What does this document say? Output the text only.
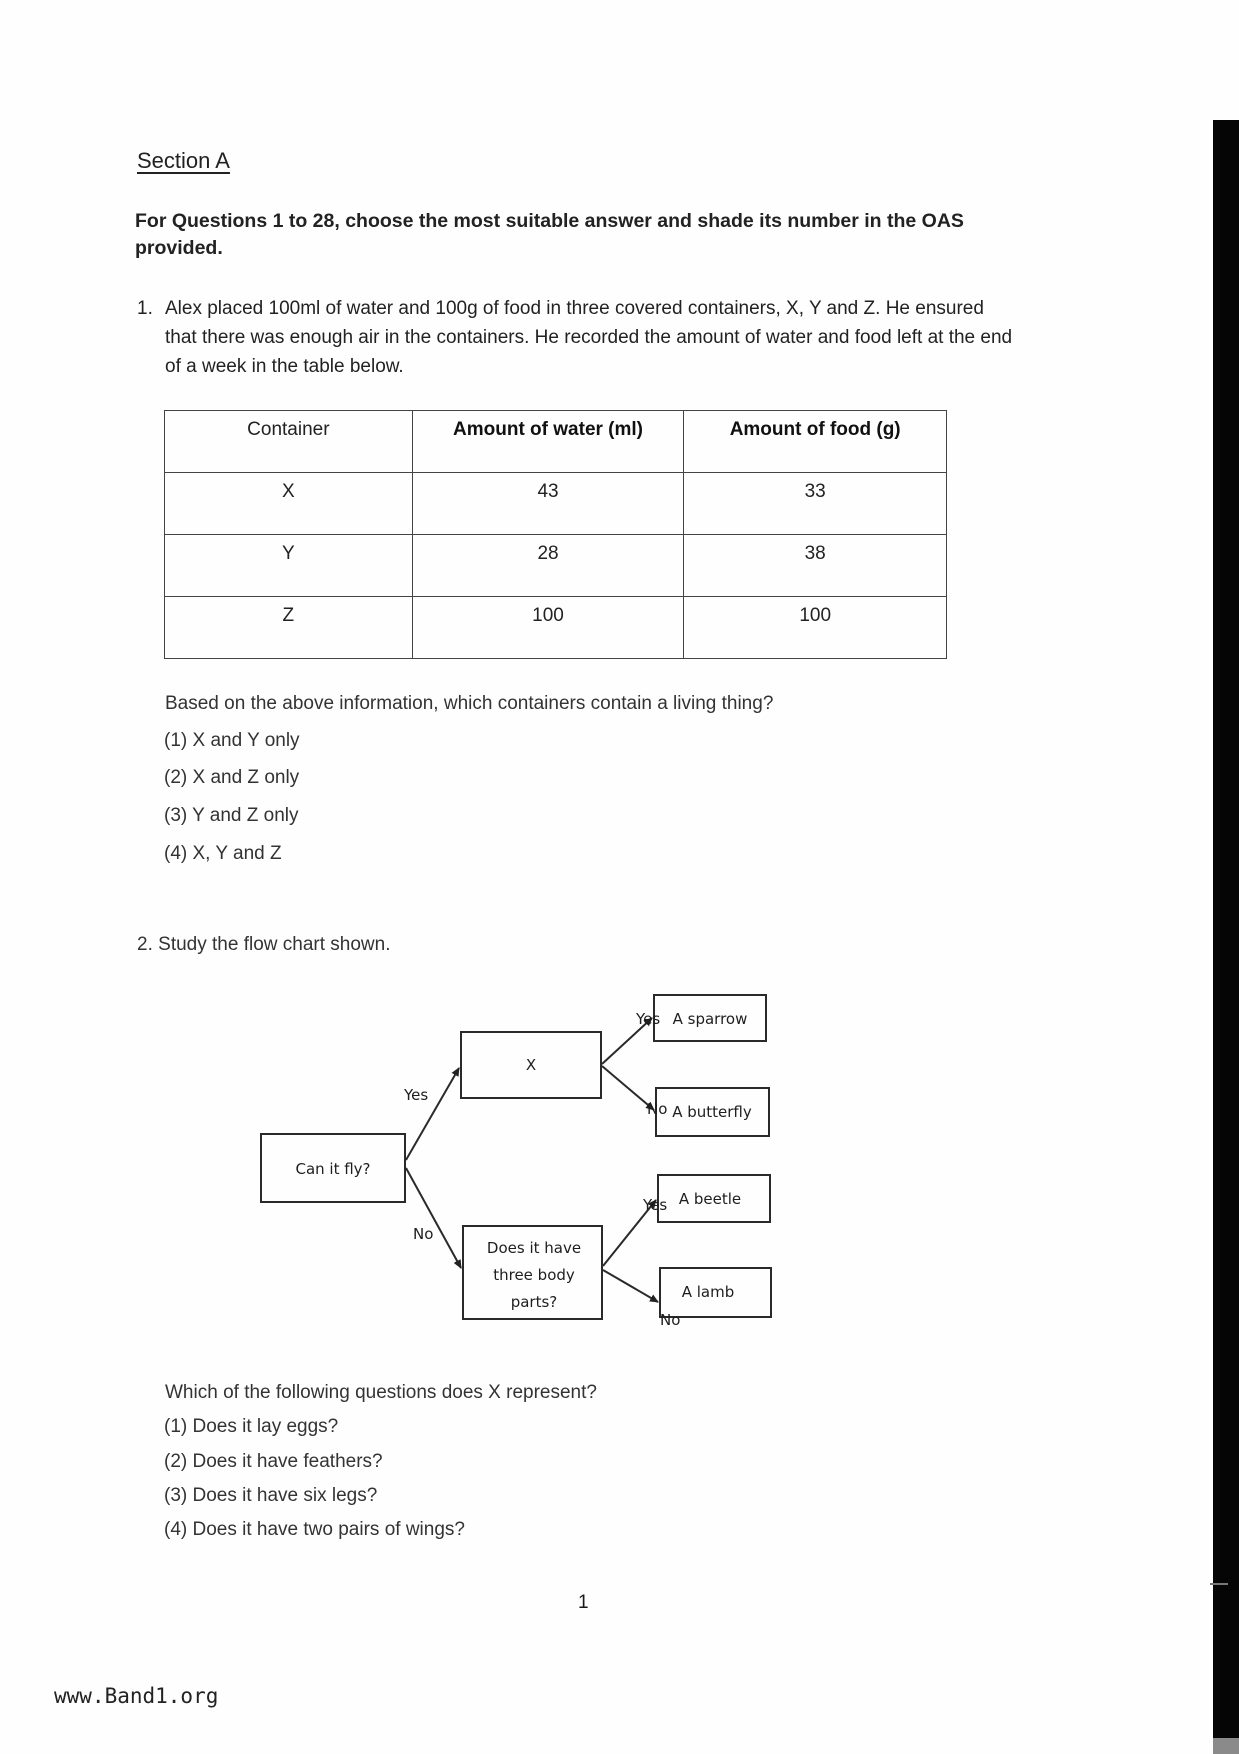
Section A
For Questions 1 to 28, choose the most suitable answer and shade its number in the OAS provided.
1. Alex placed 100ml of water and 100g of food in three covered containers, X, Y and Z. He ensured that there was enough air in the containers. He recorded the amount of water and food left at the end of a week in the table below.
Container	Amount of water (ml)	Amount of food (g)
X	43	33
Y	28	38
Z	100	100
Based on the above information, which containers contain a living thing?
(1) X and Y only
(2) X and Z only
(3) Y and Z only
(4) X, Y and Z
2. Study the flow chart shown.
Can it fly?
X
Does it have
three body
parts?
A sparrow
A butterfly
A beetle
A lamb
Yes
No
Yes
No
Yes
No
Which of the following questions does X represent?
(1) Does it lay eggs?
(2) Does it have feathers?
(3) Does it have six legs?
(4) Does it have two pairs of wings?
1
www.Band1.org
